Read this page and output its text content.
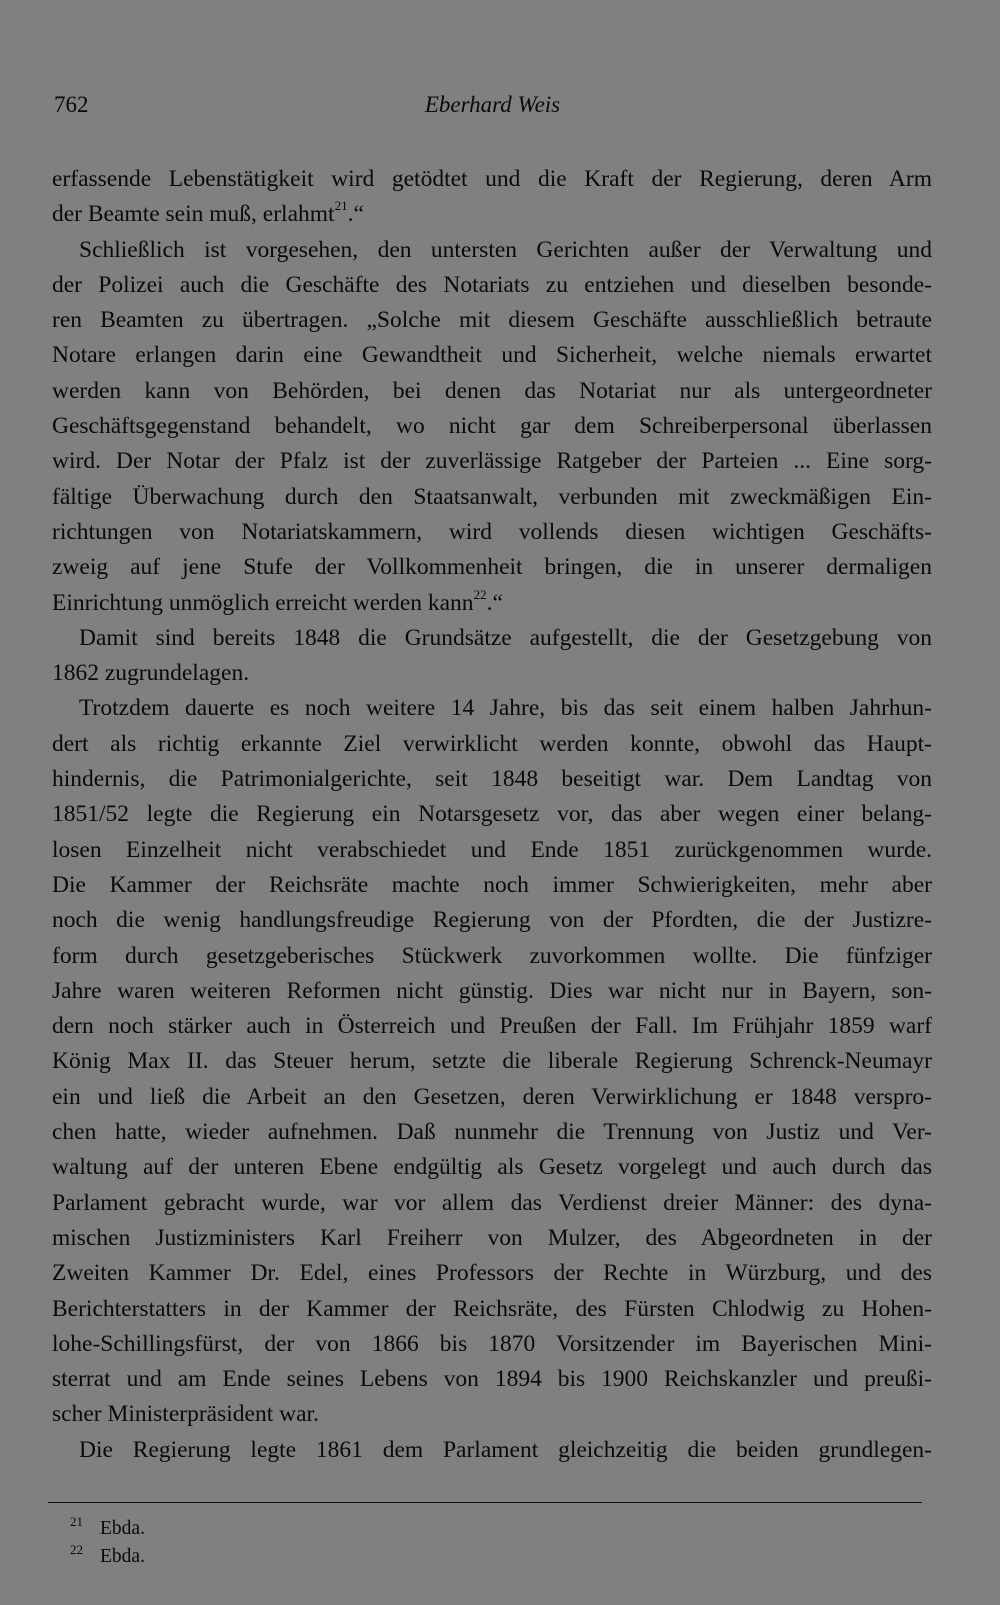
762	Eberhard Weis
erfassende Lebenstätigkeit wird getödtet und die Kraft der Regierung, deren Arm
der Beamte sein muß, erlahmt$^{21}$.“
Schließlich ist vorgesehen, den untersten Gerichten außer der Verwaltung und
der Polizei auch die Geschäfte des Notariats zu entziehen und dieselben besonde-
ren Beamten zu übertragen. „Solche mit diesem Geschäfte ausschließlich betraute
Notare erlangen darin eine Gewandtheit und Sicherheit, welche niemals erwartet
werden kann von Behörden, bei denen das Notariat nur als untergeordneter
Geschäftsgegenstand behandelt, wo nicht gar dem Schreiberpersonal überlassen
wird. Der Notar der Pfalz ist der zuverlässige Ratgeber der Parteien ... Eine sorg-
fältige Überwachung durch den Staatsanwalt, verbunden mit zweckmäßigen Ein-
richtungen von Notariatskammern, wird vollends diesen wichtigen Geschäfts-
zweig auf jene Stufe der Vollkommenheit bringen, die in unserer dermaligen
Einrichtung unmöglich erreicht werden kann$^{22}$.“
Damit sind bereits 1848 die Grundsätze aufgestellt, die der Gesetzgebung von
1862 zugrundelagen.
Trotzdem dauerte es noch weitere 14 Jahre, bis das seit einem halben Jahrhun-
dert als richtig erkannte Ziel verwirklicht werden konnte, obwohl das Haupt-
hindernis, die Patrimonialgerichte, seit 1848 beseitigt war. Dem Landtag von
1851/52 legte die Regierung ein Notarsgesetz vor, das aber wegen einer belang-
losen Einzelheit nicht verabschiedet und Ende 1851 zurückgenommen wurde.
Die Kammer der Reichsräte machte noch immer Schwierigkeiten, mehr aber
noch die wenig handlungsfreudige Regierung von der Pfordten, die der Justizre-
form durch gesetzgeberisches Stückwerk zuvorkommen wollte. Die fünfziger
Jahre waren weiteren Reformen nicht günstig. Dies war nicht nur in Bayern, son-
dern noch stärker auch in Österreich und Preußen der Fall. Im Frühjahr 1859 warf
König Max II. das Steuer herum, setzte die liberale Regierung Schrenck-Neumayr
ein und ließ die Arbeit an den Gesetzen, deren Verwirklichung er 1848 verspro-
chen hatte, wieder aufnehmen. Daß nunmehr die Trennung von Justiz und Ver-
waltung auf der unteren Ebene endgültig als Gesetz vorgelegt und auch durch das
Parlament gebracht wurde, war vor allem das Verdienst dreier Männer: des dyna-
mischen Justizministers Karl Freiherr von Mulzer, des Abgeordneten in der
Zweiten Kammer Dr. Edel, eines Professors der Rechte in Würzburg, und des
Berichterstatters in der Kammer der Reichsräte, des Fürsten Chlodwig zu Hohen-
lohe-Schillingsfürst, der von 1866 bis 1870 Vorsitzender im Bayerischen Mini-
sterrat und am Ende seines Lebens von 1894 bis 1900 Reichskanzler und preußi-
scher Ministerpräsident war.
Die Regierung legte 1861 dem Parlament gleichzeitig die beiden grundlegen-
21 Ebda.
22 Ebda.
